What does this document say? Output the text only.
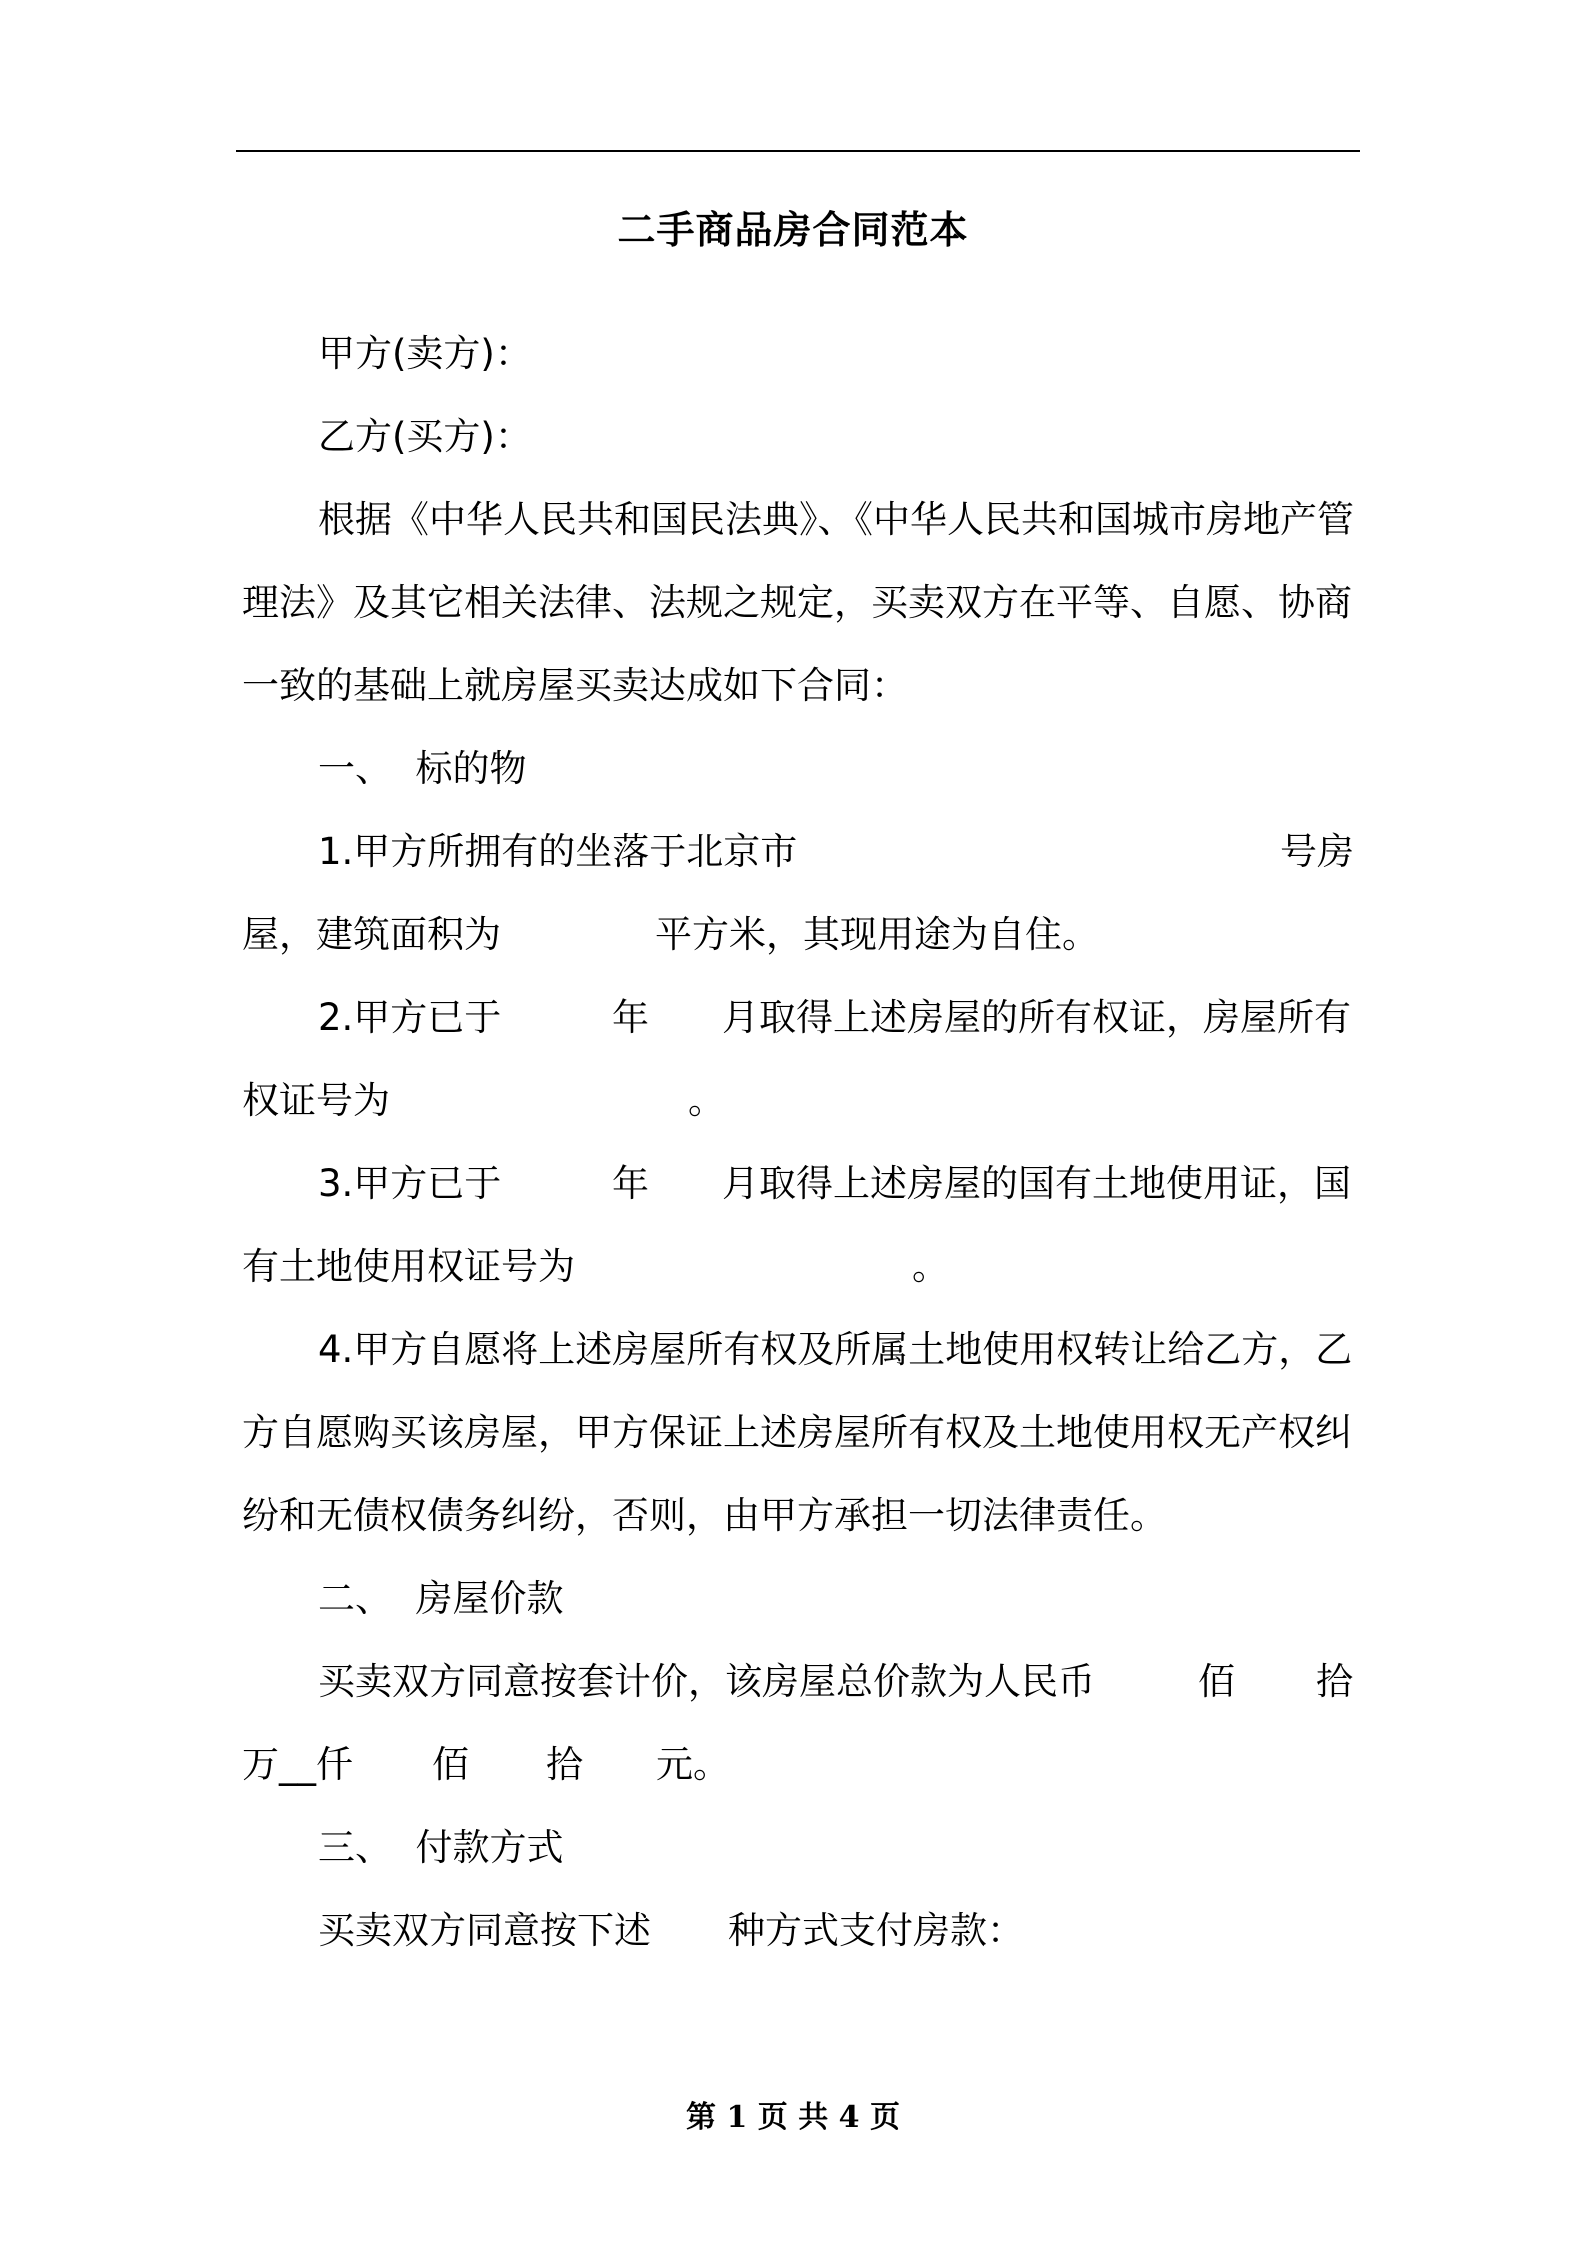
二手商品房合同范本
甲方(卖方)：
乙方(买方)：
根据《中华人民共和国民法典》、《中华人民共和国城市房地产管
理法》及其它相关法律、法规之规定，买卖双方在平等、自愿、协商
一致的基础上就房屋买卖达成如下合同：
一、  标的物
1.甲方所拥有的坐落于北京市	号房
屋，建筑面积为	平方米，其现用途为自住。
2.甲方已于	年 月取得上述房屋的所有权证，房屋所有
权证号为	。
3.甲方已于	年 月取得上述房屋的国有土地使用证，国
有土地使用权证号为	。
4.甲方自愿将上述房屋所有权及所属土地使用权转让给乙方，乙
方自愿购买该房屋，甲方保证上述房屋所有权及土地使用权无产权纠
纷和无债权债务纠纷，否则，由甲方承担一切法律责任。
二、  房屋价款
买卖双方同意按套计价，该房屋总价款为人民币	佰 拾
万__仟 佰 拾 元。
三、  付款方式
买卖双方同意按下述 种方式支付房款：
第 1 页 共 4 页
